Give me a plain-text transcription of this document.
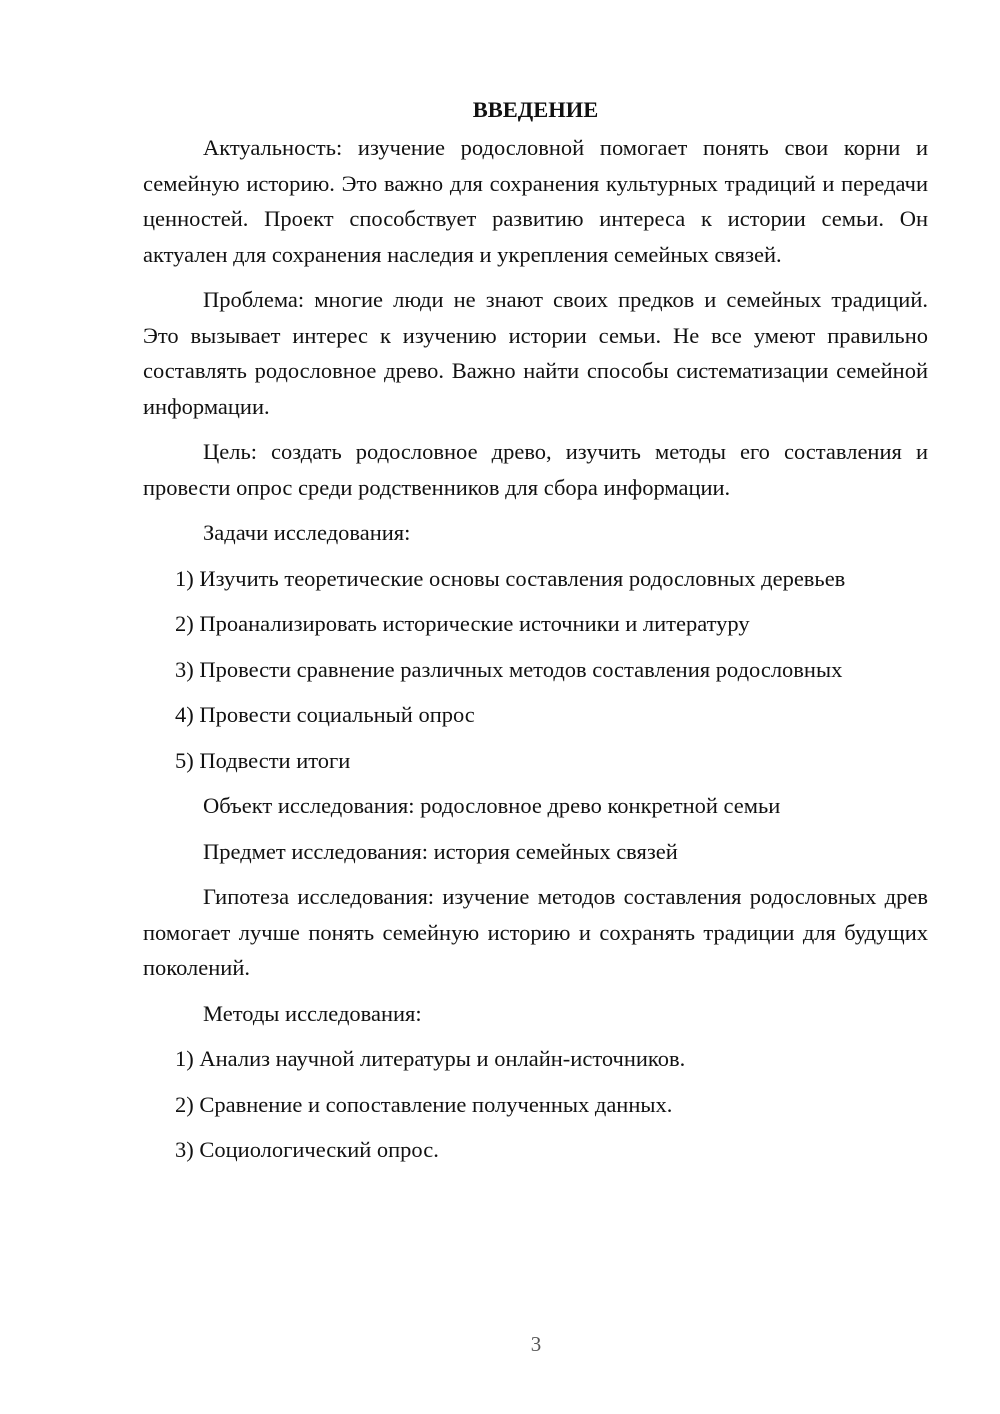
ВВЕДЕНИЕ

Актуальность: изучение родословной помогает понять свои корни и семейную историю. Это важно для сохранения культурных традиций и передачи ценностей. Проект способствует развитию интереса к истории семьи. Он актуален для сохранения наследия и укрепления семейных связей.

Проблема: многие люди не знают своих предков и семейных традиций. Это вызывает интерес к изучению истории семьи. Не все умеют правильно составлять родословное древо. Важно найти способы систематизации семейной информации.

Цель: создать родословное древо, изучить методы его составления и провести опрос среди родственников для сбора информации.

Задачи исследования:

1) Изучить теоретические основы составления родословных деревьев
2) Проанализировать исторические источники и литературу
3) Провести сравнение различных методов составления родословных
4) Провести социальный опрос
5) Подвести итоги

Объект исследования: родословное древо конкретной семьи

Предмет исследования: история семейных связей

Гипотеза исследования: изучение методов составления родословных древ помогает лучше понять семейную историю и сохранять традиции для будущих поколений.

Методы исследования:

1) Анализ научной литературы и онлайн-источников.
2) Сравнение и сопоставление полученных данных.
3) Социологический опрос.
3
